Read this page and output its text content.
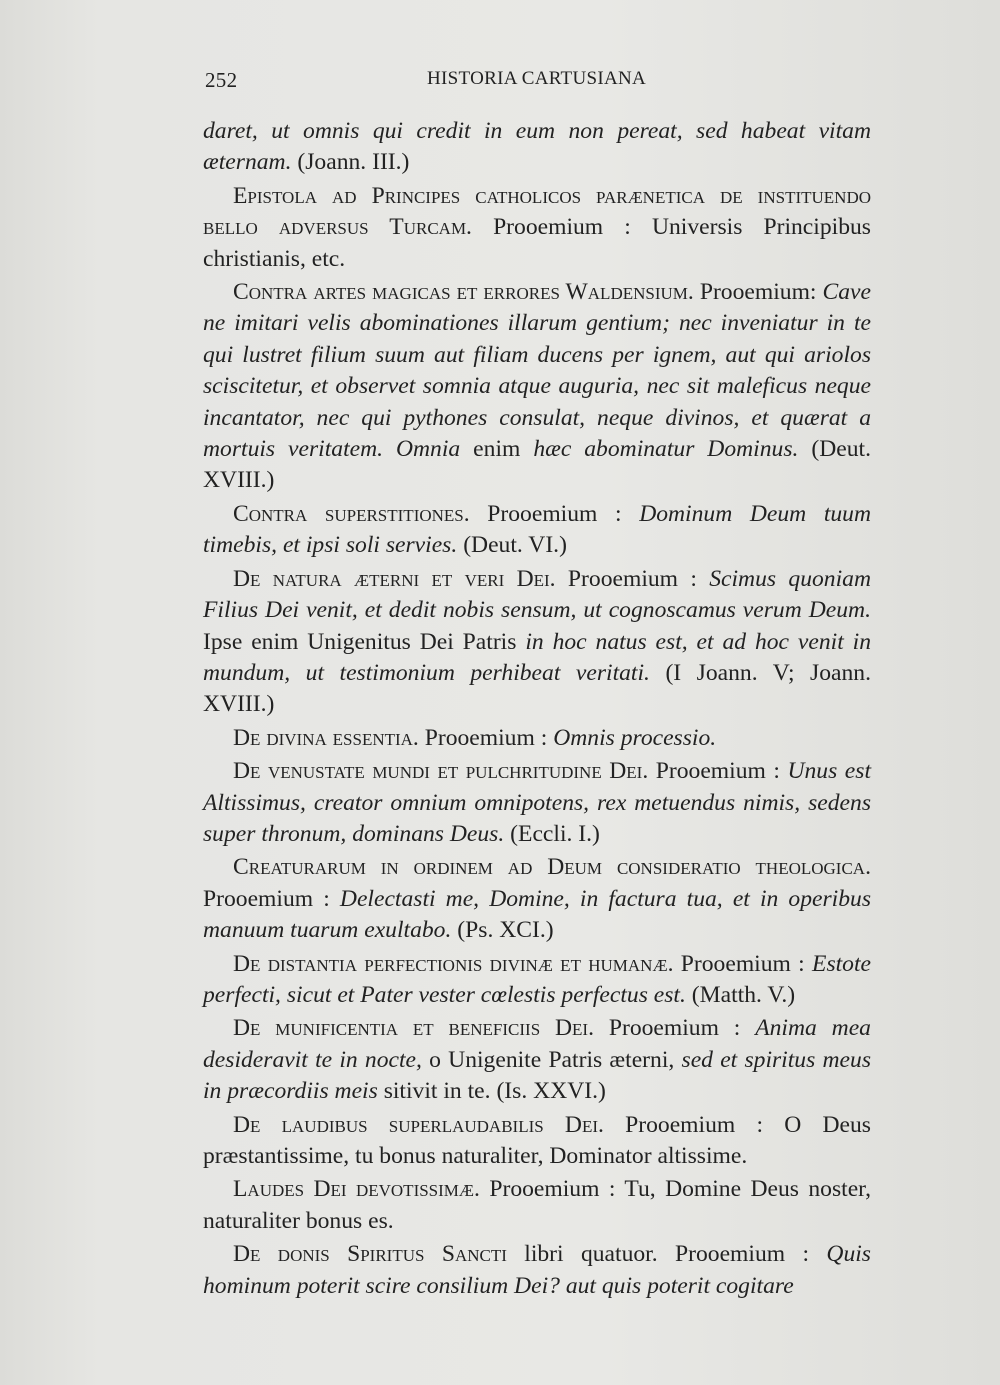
252	HISTORIA CARTUSIANA

daret, ut omnis qui credit in eum non pereat, sed habeat vitam æternam. (Joann. III.)

Epistola ad Principes catholicos parænetica de instituendo bello adversus Turcam. Prooemium : Universis Principibus christianis, etc.

Contra artes magicas et errores Waldensium. Prooemium: Cave ne imitari velis abominationes illarum gentium; nec inveniatur in te qui lustret filium suum aut filiam ducens per ignem, aut qui ariolos sciscitetur, et observet somnia atque auguria, nec sit maleficus neque incantator, nec qui pythones consulat, neque divinos, et quærat a mortuis veritatem. Omnia enim hæc abominatur Dominus. (Deut. XVIII.)

Contra superstitiones. Prooemium : Dominum Deum tuum timebis, et ipsi soli servies. (Deut. VI.)

De natura æterni et veri Dei. Prooemium : Scimus quoniam Filius Dei venit, et dedit nobis sensum, ut cognoscamus verum Deum. Ipse enim Unigenitus Dei Patris in hoc natus est, et ad hoc venit in mundum, ut testimonium perhibeat veritati. (I Joann. V; Joann. XVIII.)

De divina essentia. Prooemium : Omnis processio.

De venustate mundi et pulchritudine Dei. Prooemium : Unus est Altissimus, creator omnium omnipotens, rex metuendus nimis, sedens super thronum, dominans Deus. (Eccli. I.)

Creaturarum in ordinem ad Deum consideratio theologica. Prooemium : Delectasti me, Domine, in factura tua, et in operibus manuum tuarum exultabo. (Ps. XCI.)

De distantia perfectionis divinæ et humanæ. Prooemium : Estote perfecti, sicut et Pater vester cœlestis perfectus est. (Matth. V.)

De munificentia et beneficiis Dei. Prooemium : Anima mea desideravit te in nocte, o Unigenite Patris æterni, sed et spiritus meus in præcordiis meis sitivit in te. (Is. XXVI.)

De laudibus superlaudabilis Dei. Prooemium : O Deus præstantissime, tu bonus naturaliter, Dominator altissime.

Laudes Dei devotissimæ. Prooemium : Tu, Domine Deus noster, naturaliter bonus es.

De donis Spiritus Sancti libri quatuor. Prooemium : Quis hominum poterit scire consilium Dei? aut quis poterit cogitare
